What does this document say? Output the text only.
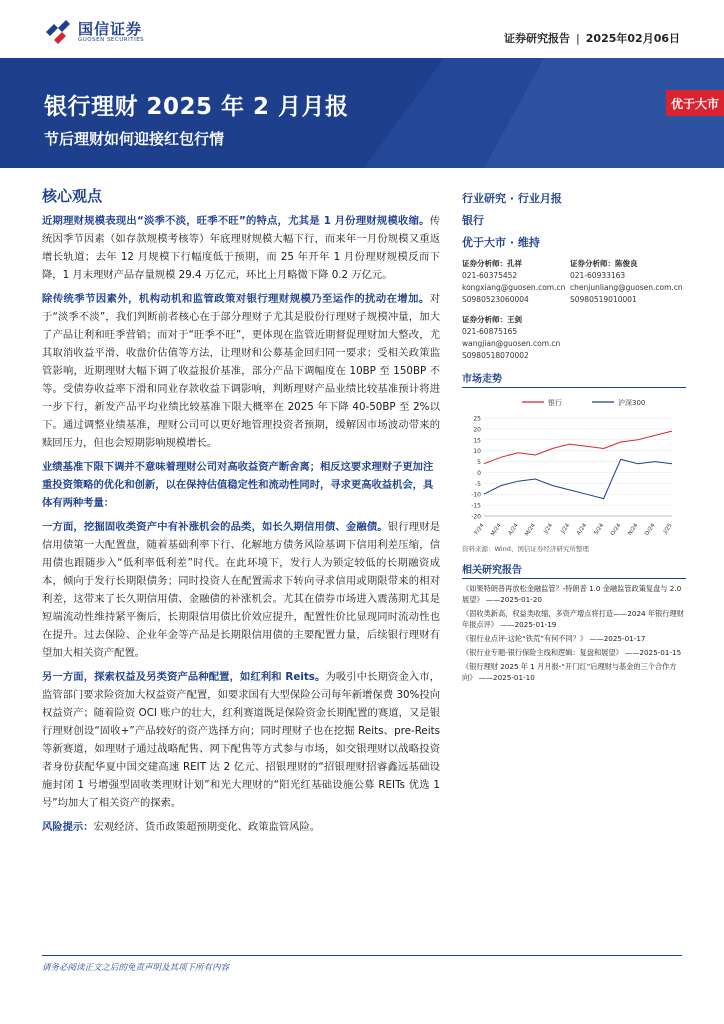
国信证券
GUOSEN SECURITIES	证券研究报告 | 2025年02月06日
银行理财 2025 年 2 月月报
节后理财如何迎接红包行情
优于大市
核心观点

近期理财规模表现出“淡季不淡，旺季不旺”的特点，尤其是 1 月份理财规模收缩。传统因季节因素（如存款规模考核等）年底理财规模大幅下行，而来年一月份规模又重返增长轨道；去年 12 月规模下行幅度低于预期，而 25 年开年 1 月份理财规模反而下降，1 月末理财产品存量规模 29.4 万亿元，环比上月略微下降 0.2 万亿元。

除传统季节因素外，机构动机和监管政策对银行理财规模乃至运作的扰动在增加。对于“淡季不淡”，我们判断前者核心在于部分理财子尤其是股份行理财子规模冲量，加大了产品让利和旺季营销；而对于“旺季不旺”，更体现在监管近期督促理财加大整改，尤其取消收益平滑、收盘价估值等方法，让理财和公募基金回归同一要求；受相关政策监管影响，近期理财大幅下调了收益报价基准，部分产品下调幅度在 10BP 至 150BP 不等。受债券收益率下滑和同业存款收益下调影响，判断理财产品业绩比较基准预计将进一步下行，新发产品平均业绩比较基准下限大概率在 2025 年下降 40-50BP 至 2%以下。通过调整业绩基准，理财公司可以更好地管理投资者预期，缓解因市场波动带来的赎回压力，但也会短期影响规模增长。

业绩基准下限下调并不意味着理财公司对高收益资产断舍离；相反这要求理财子更加注重投资策略的优化和创新，以在保持估值稳定性和流动性同时，寻求更高收益机会，具体有两种考量：

一方面，挖掘固收类资产中有补涨机会的品类，如长久期信用债、金融债。银行理财是信用债第一大配置盘，随着基础利率下行、化解地方债务风险基调下信用利差压缩，信用债也跟随步入“低利率低利差”时代。在此环境下，发行人为锁定较低的长期融资成本，倾向于发行长期限债务；同时投资人在配置需求下转向寻求信用或期限带来的相对利差，这带来了长久期信用债、金融债的补涨机会。尤其在债券市场进入震荡期尤其是短端流动性维持紧平衡后，长期限信用债比价效应提升，配置性价比显现同时流动性也在提升。过去保险、企业年金等产品是长期限信用债的主要配置力量，后续银行理财有望加大相关资产配置。

另一方面，探索权益及另类资产品种配置，如红利和 Reits。为吸引中长期资金入市，监管部门要求险资加大权益资产配置，如要求国有大型保险公司每年新增保费 30%投向权益资产；随着险资 OCI 账户的壮大，红利赛道既是保险资金长期配置的赛道，又是银行理财创设“固收+”产品较好的资产选择方向；同时理财子也在挖掘 Reits、pre-Reits 等新赛道，如理财子通过战略配售、网下配售等方式参与市场，如交银理财以战略投资者身份获配华夏中国交建高速 REIT 达 2 亿元、招银理财的“招银理财招睿鑫远基础设施封闭 1 号增强型固收类理财计划”和光大理财的“阳光红基础设施公募 REITs 优选 1 号”均加大了相关资产的探索。

风险提示：宏观经济、货币政策超预期变化、政策监管风险。

行业研究 · 行业月报
银行
优于大市 · 维持
证券分析师：孔祥
021-60375452
kongxiang@guosen.com.cn
S0980523060004
证券分析师：陈俊良
021-60933163
chenjunliang@guosen.com.cn
S0980519010001
证券分析师：王剑
021-60875165
wangjian@guosen.com.cn
S0980518070002
市场走势
银行	沪深300
25
20
15
10
5
0
-5
-10
-15
-20
F/24 M/24 A/24 M/24 J/24 J/24 A/24 S/24 O/24 N/24 D/24 J/25
资料来源：Wind、国信证券经济研究所整理
相关研究报告
《如果特朗普再放松金融监管？-特朗普 1.0 金融监管政策复盘与 2.0 展望》 ——2025-01-20
《固收类新高，权益类收缩，多资产增点将打造——2024 年银行理财年报点评》 ——2025-01-19
《银行业点评-这轮“铁荒”有何不同？》 ——2025-01-17
《银行业专题-银行保险主线和逻辑：复盘和展望》 ——2025-01-15
《银行理财 2025 年 1 月月报-“开门红”后理财与基金的三个合作方向》 ——2025-01-10
请务必阅读正文之后的免责声明及其项下所有内容
